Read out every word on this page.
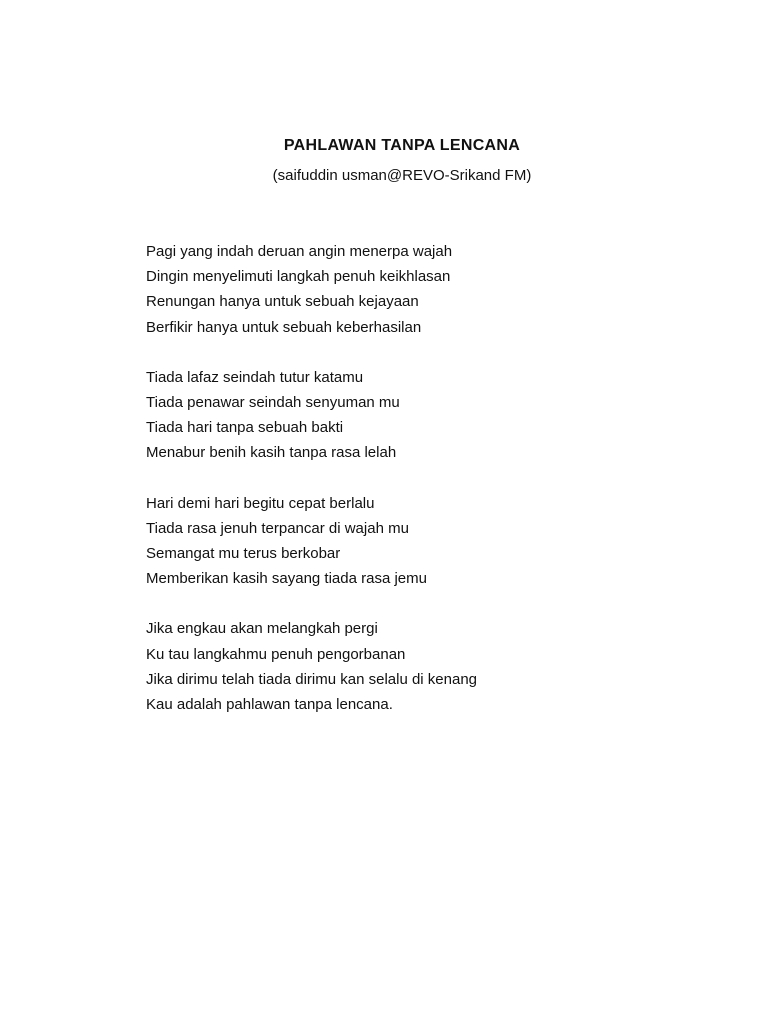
PAHLAWAN TANPA LENCANA

(saifuddin usman@REVO-Srikand FM)

Pagi yang indah deruan angin menerpa wajah
Dingin menyelimuti langkah penuh keikhlasan
Renungan hanya untuk sebuah kejayaan
Berfikir hanya untuk sebuah keberhasilan
Tiada lafaz seindah tutur katamu
Tiada penawar seindah senyuman mu
Tiada hari tanpa sebuah bakti
Menabur benih kasih tanpa rasa lelah
Hari demi hari begitu cepat berlalu
Tiada rasa jenuh terpancar di wajah mu
Semangat mu terus berkobar
Memberikan kasih sayang tiada rasa jemu
Jika engkau akan melangkah pergi
Ku tau langkahmu penuh pengorbanan
Jika dirimu telah tiada dirimu kan selalu di kenang
Kau adalah pahlawan tanpa lencana.
